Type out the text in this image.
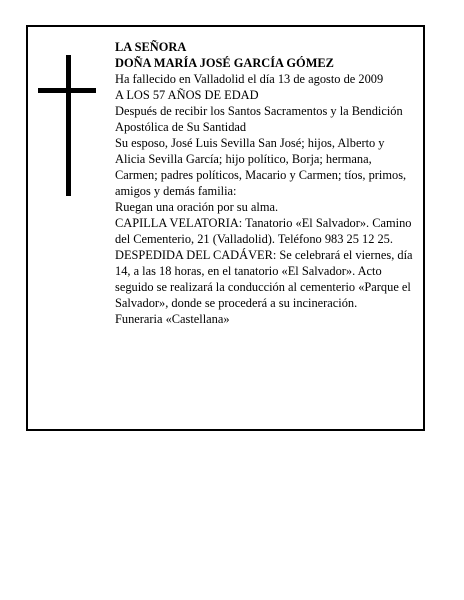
LA SEÑORA
DOÑA MARÍA JOSÉ GARCÍA GÓMEZ
Ha fallecido en Valladolid el día 13 de agosto de 2009
A LOS 57 AÑOS DE EDAD
Después de recibir los Santos Sacramentos y la Bendición Apostólica de Su Santidad
Su esposo, José Luis Sevilla San José; hijos, Alberto y Alicia Sevilla García; hijo político, Borja; hermana, Carmen; padres políticos, Macario y Carmen; tíos, primos, amigos y demás familia:
Ruegan una oración por su alma.
CAPILLA VELATORIA: Tanatorio «El Salvador». Camino del Cementerio, 21 (Valladolid). Teléfono 983 25 12 25.
DESPEDIDA DEL CADÁVER: Se celebrará el viernes, día 14, a las 18 horas, en el tanatorio «El Salvador». Acto seguido se realizará la conducción al cementerio «Parque el Salvador», donde se procederá a su incineración.
Funeraria «Castellana»
